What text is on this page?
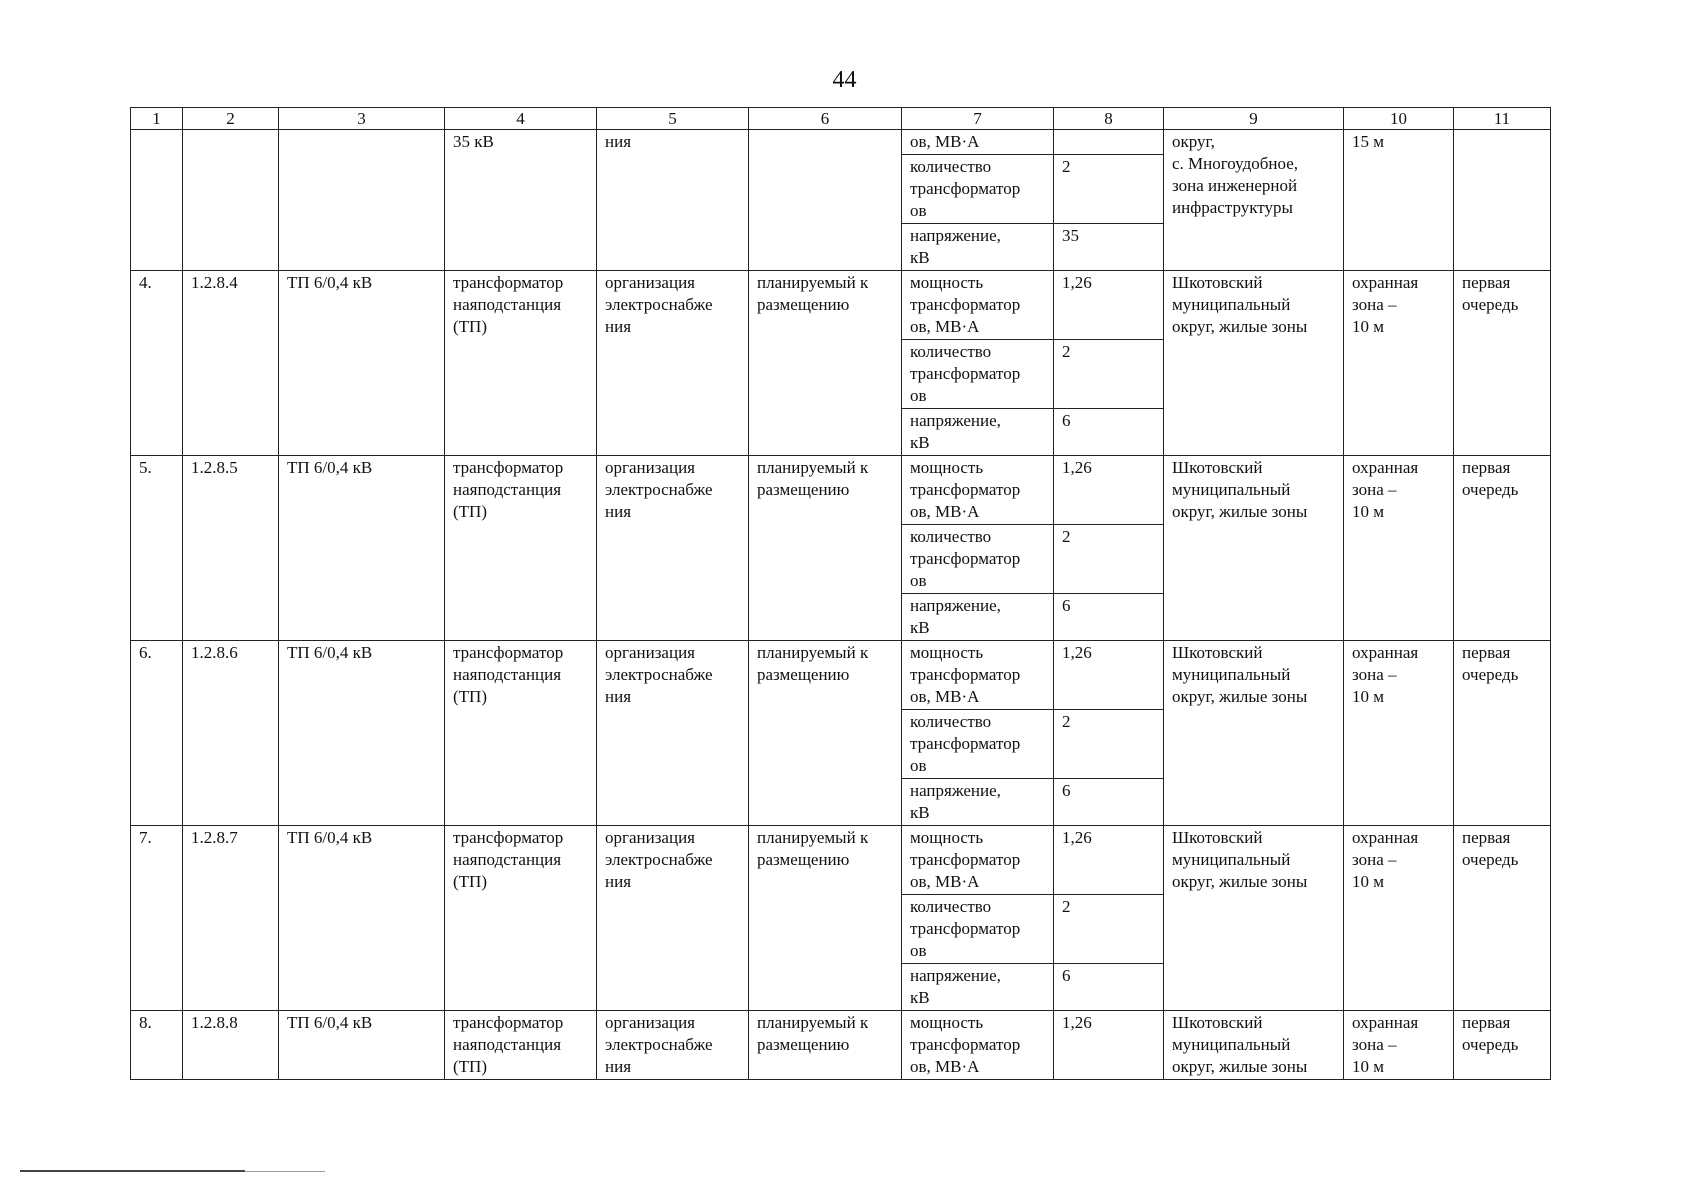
44
1	2	3	4	5	6	7	8	9	10	11
			35 кВ	ния		ов, МВ·А		округ,
с. Многоудобное,
зона инженерной
инфраструктуры	15 м	
						количество
трансформатор
ов	2			
						напряжение,
кВ	35			
4.	1.2.8.4	ТП 6/0,4 кВ	трансформатор
наяподстанция
(ТП)	организация
электроснабже
ния	планируемый к
размещению	мощность
трансформатор
ов, МВ·А	1,26	Шкотовский
муниципальный
округ, жилые зоны	охранная
зона –
10 м	первая
очередь
						количество
трансформатор
ов	2			
						напряжение,
кВ	6			
5.	1.2.8.5	ТП 6/0,4 кВ	трансформатор
наяподстанция
(ТП)	организация
электроснабже
ния	планируемый к
размещению	мощность
трансформатор
ов, МВ·А	1,26	Шкотовский
муниципальный
округ, жилые зоны	охранная
зона –
10 м	первая
очередь
						количество
трансформатор
ов	2			
						напряжение,
кВ	6			
6.	1.2.8.6	ТП 6/0,4 кВ	трансформатор
наяподстанция
(ТП)	организация
электроснабже
ния	планируемый к
размещению	мощность
трансформатор
ов, МВ·А	1,26	Шкотовский
муниципальный
округ, жилые зоны	охранная
зона –
10 м	первая
очередь
						количество
трансформатор
ов	2			
						напряжение,
кВ	6			
7.	1.2.8.7	ТП 6/0,4 кВ	трансформатор
наяподстанция
(ТП)	организация
электроснабже
ния	планируемый к
размещению	мощность
трансформатор
ов, МВ·А	1,26	Шкотовский
муниципальный
округ, жилые зоны	охранная
зона –
10 м	первая
очередь
						количество
трансформатор
ов	2			
						напряжение,
кВ	6			
8.	1.2.8.8	ТП 6/0,4 кВ	трансформатор
наяподстанция
(ТП)	организация
электроснабже
ния	планируемый к
размещению	мощность
трансформатор
ов, МВ·А	1,26	Шкотовский
муниципальный
округ, жилые зоны	охранная
зона –
10 м	первая
очередь
